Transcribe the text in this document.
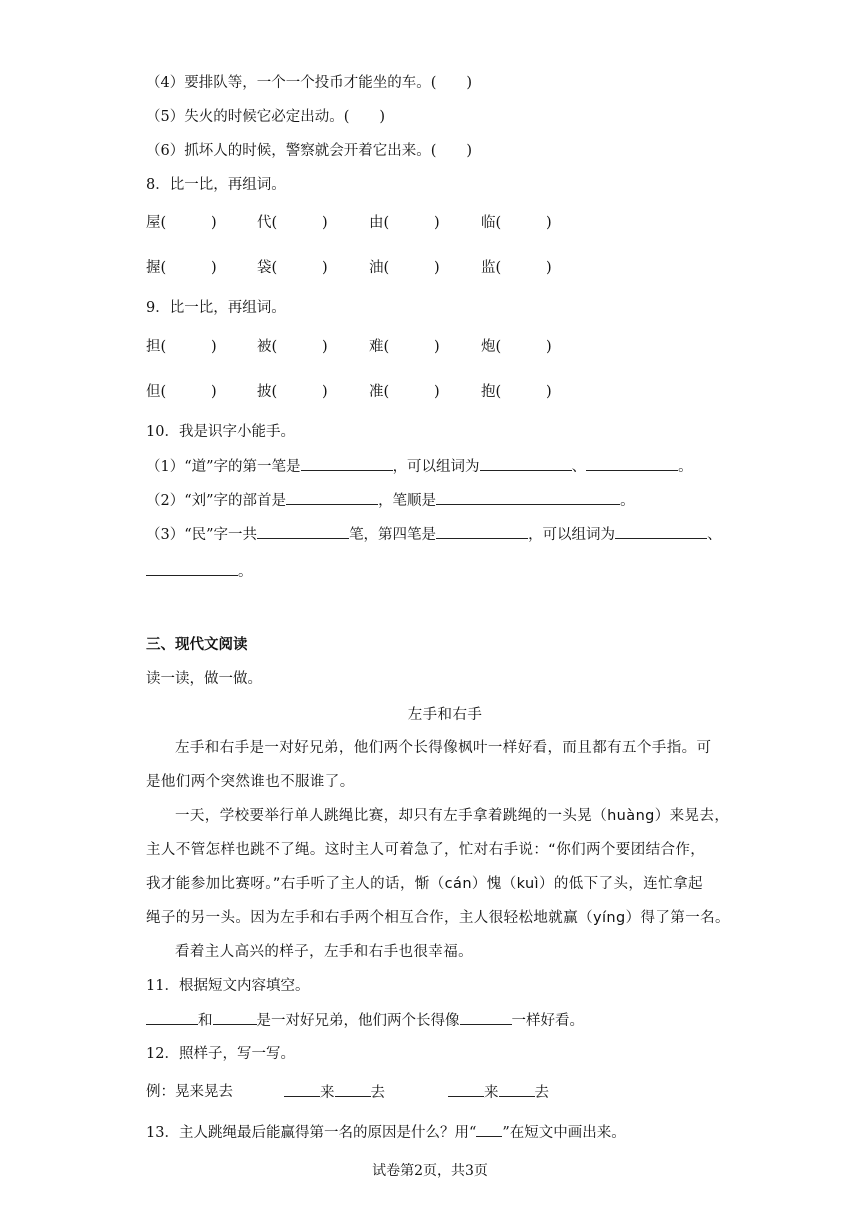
（4）要排队等，一个一个投币才能坐的车。( )
（5）失火的时候它必定出动。( )
（6）抓坏人的时候，警察就会开着它出来。( )
8．比一比，再组词。
屋(	)	代(	)	由(	)	临(	)
握(	)	袋(	)	油(	)	监(	)
9．比一比，再组词。
担(	)	被(	)	难(	)	炮(	)
但(	)	披(	)	准(	)	抱(	)
10．我是识字小能手。
（1）“道”字的第一笔是	，可以组词为	、	。
（2）“刘”字的部首是	，笔顺是	。
（3）“民”字一共	笔，第四笔是	，可以组词为	、
。
三、现代文阅读
读一读，做一做。
左手和右手
左手和右手是一对好兄弟，他们两个长得像枫叶一样好看，而且都有五个手指。可
是他们两个突然谁也不服谁了。
一天，学校要举行单人跳绳比赛，却只有左手拿着跳绳的一头晃（huàng）来晃去，
主人不管怎样也跳不了绳。这时主人可着急了，忙对右手说：“你们两个要团结合作，
我才能参加比赛呀。”右手听了主人的话，惭（cán）愧（kuì）的低下了头，连忙拿起
绳子的另一头。因为左手和右手两个相互合作，主人很轻松地就赢（yíng）得了第一名。
看着主人高兴的样子，左手和右手也很幸福。
11．根据短文内容填空。
和	是一对好兄弟，他们两个长得像	一样好看。
12．照样子，写一写。
例：晃来晃去	来 去	来 去
13．主人跳绳最后能赢得第一名的原因是什么？用“ ”在短文中画出来。
试卷第2页，共3页
